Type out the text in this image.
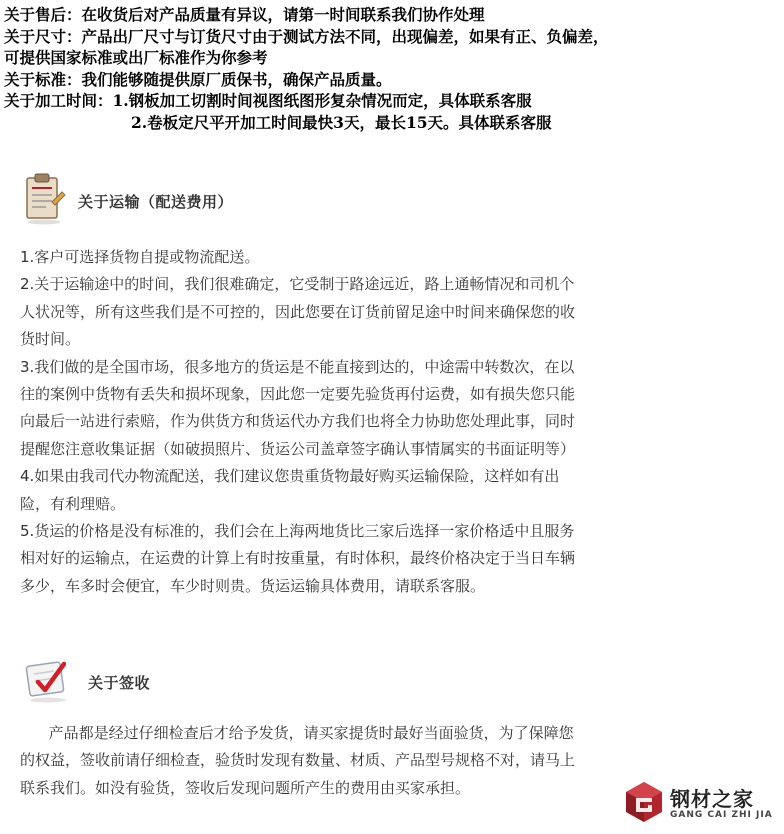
关于售后：在收货后对产品质量有异议，请第一时间联系我们协作处理
关于尺寸：产品出厂尺寸与订货尺寸由于测试方法不同，出现偏差，如果有正、负偏差，
可提供国家标准或出厂标准作为你参考
关于标准：我们能够随提供原厂质保书，确保产品质量。
关于加工时间：1.钢板加工切割时间视图纸图形复杂情况而定，具体联系客服
2.卷板定尺平开加工时间最快3天，最长15天。具体联系客服
关于运输（配送费用）
1.客户可选择货物自提或物流配送。
2.关于运输途中的时间，我们很难确定，它受制于路途远近，路上通畅情况和司机个
人状况等，所有这些我们是不可控的，因此您要在订货前留足途中时间来确保您的收
货时间。
3.我们做的是全国市场，很多地方的货运是不能直接到达的，中途需中转数次，在以
往的案例中货物有丢失和损坏现象，因此您一定要先验货再付运费，如有损失您只能
向最后一站进行索赔，作为供货方和货运代办方我们也将全力协助您处理此事，同时
提醒您注意收集证据（如破损照片、货运公司盖章签字确认事情属实的书面证明等）
4.如果由我司代办物流配送，我们建议您贵重货物最好购买运输保险，这样如有出
险，有利理赔。
5.货运的价格是没有标准的，我们会在上海两地货比三家后选择一家价格适中且服务
相对好的运输点，在运费的计算上有时按重量，有时体积，最终价格决定于当日车辆
多少，车多时会便宜，车少时则贵。货运运输具体费用，请联系客服。
关于签收
产品都是经过仔细检查后才给予发货，请买家提货时最好当面验货，为了保障您
的权益，签收前请仔细检查，验货时发现有数量、材质、产品型号规格不对，请马上
联系我们。如没有验货，签收后发现问题所产生的费用由买家承担。	钢材之家
GANG CAI ZHI JIA
